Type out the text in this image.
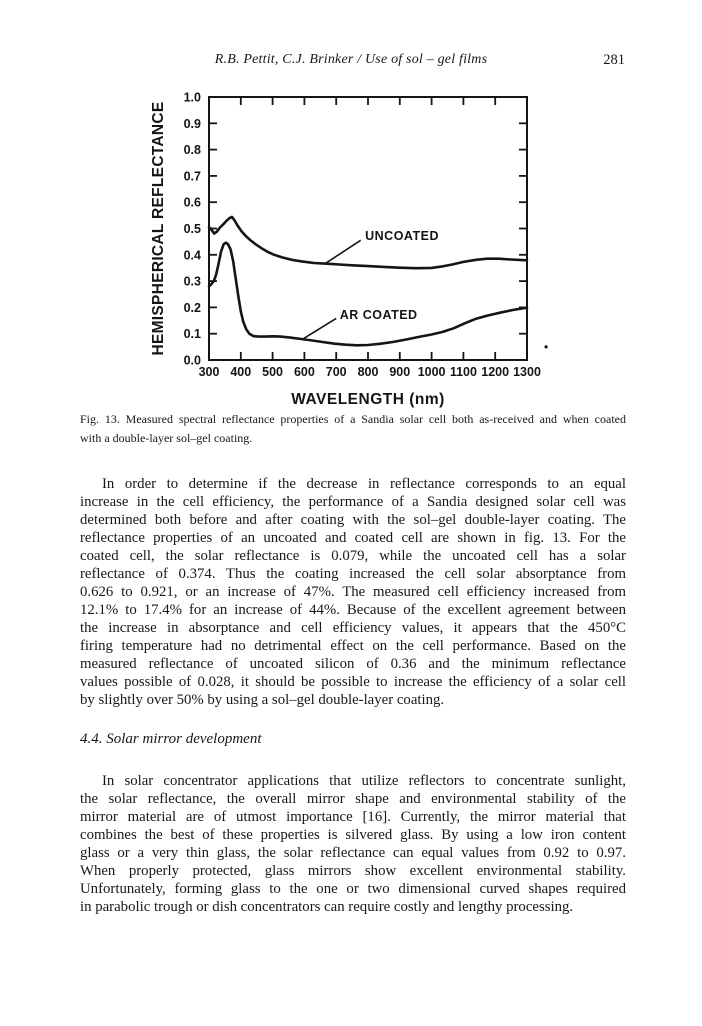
R.B. Pettit, C.J. Brinker / Use of sol – gel films	281
300 400 500 600 700 800 900 1000 1100 1200 1300
0.0
0.1
0.2
0.3
0.4
0.5
0.6
0.7
0.8
0.9
1.0
WAVELENGTH (nm)
HEMISPHERICAL REFLECTANCE	UNCOATED
AR COATED
Fig. 13. Measured spectral reflectance properties of a Sandia solar cell both as-received and when coated
with a double-layer sol–gel coating.
In order to determine if the decrease in reflectance corresponds to an equal
increase in the cell efficiency, the performance of a Sandia designed solar cell was
determined both before and after coating with the sol–gel double-layer coating. The
reflectance properties of an uncoated and coated cell are shown in fig. 13. For the
coated cell, the solar reflectance is 0.079, while the uncoated cell has a solar
reflectance of 0.374. Thus the coating increased the cell solar absorptance from
0.626 to 0.921, or an increase of 47%. The measured cell efficiency increased from
12.1% to 17.4% for an increase of 44%. Because of the excellent agreement between
the increase in absorptance and cell efficiency values, it appears that the 450°C
firing temperature had no detrimental effect on the cell performance. Based on the
measured reflectance of uncoated silicon of 0.36 and the minimum reflectance
values possible of 0.028, it should be possible to increase the efficiency of a solar cell
by slightly over 50% by using a sol–gel double-layer coating.
4.4. Solar mirror development
In solar concentrator applications that utilize reflectors to concentrate sunlight,
the solar reflectance, the overall mirror shape and environmental stability of the
mirror material are of utmost importance [16]. Currently, the mirror material that
combines the best of these properties is silvered glass. By using a low iron content
glass or a very thin glass, the solar reflectance can equal values from 0.92 to 0.97.
When properly protected, glass mirrors show excellent environmental stability.
Unfortunately, forming glass to the one or two dimensional curved shapes required
in parabolic trough or dish concentrators can require costly and lengthy processing.
